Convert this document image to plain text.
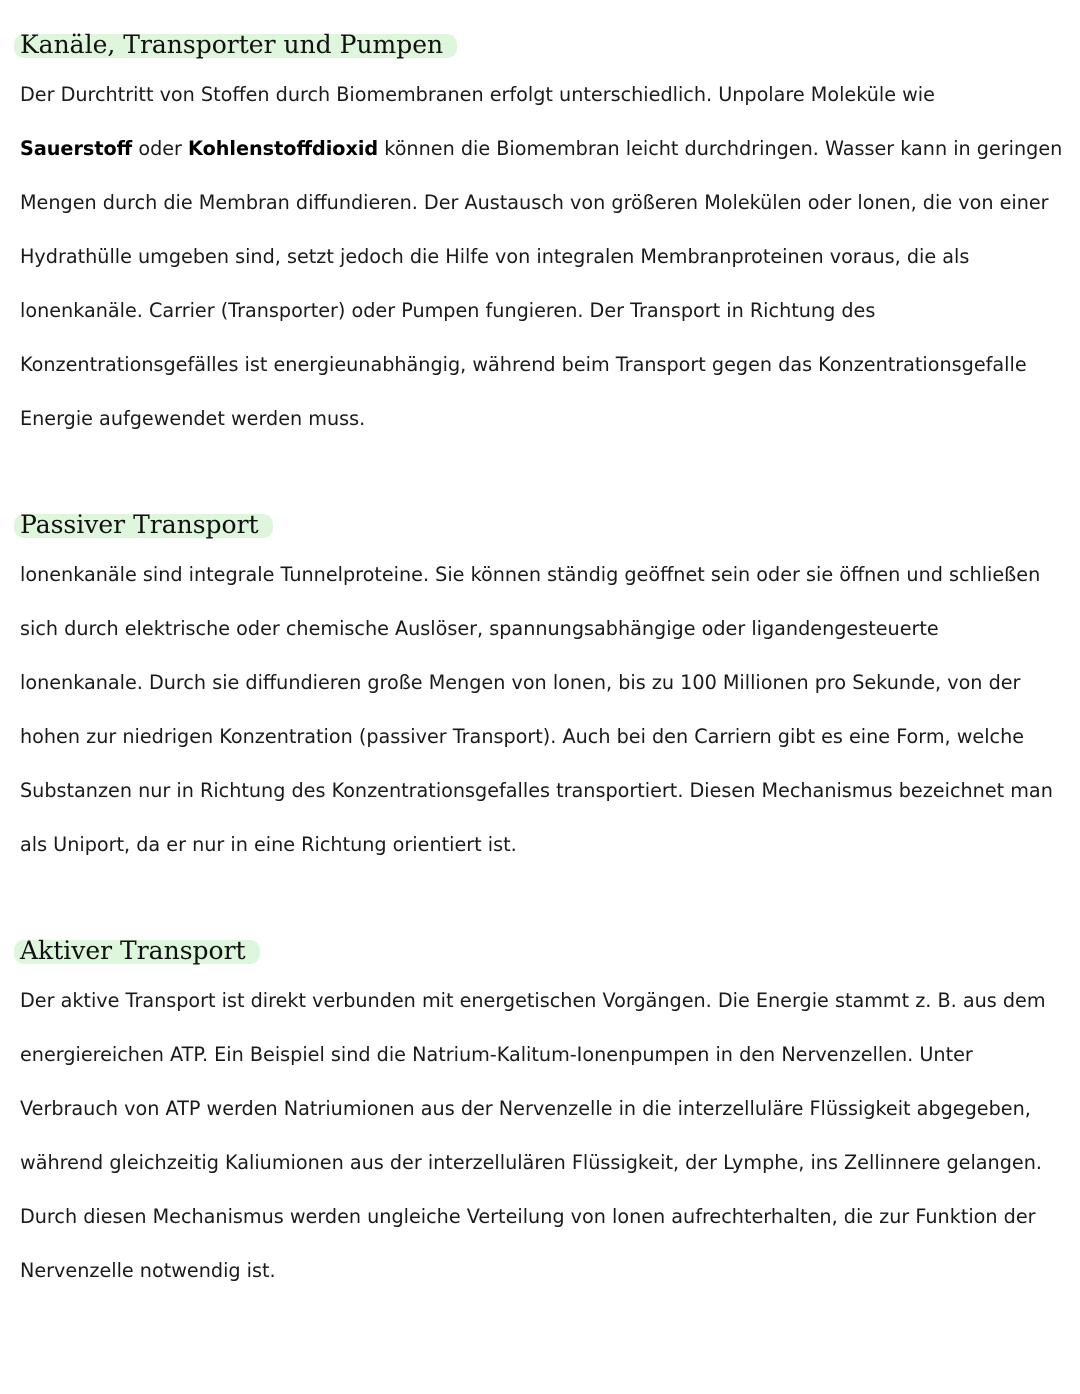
Kanäle, Transporter und Pumpen

Der Durchtritt von Stoffen durch Biomembranen erfolgt unterschiedlich. Unpolare Moleküle wie
Sauerstoff oder Kohlenstoffdioxid können die Biomembran leicht durchdringen. Wasser kann in geringen Mengen durch die Membran diffundieren. Der Austausch von größeren Molekülen oder lonen, die von einer Hydrathülle umgeben sind, setzt jedoch die Hilfe von integralen Membranproteinen voraus, die als lonenkanäle. Carrier (Transporter) oder Pumpen fungieren. Der Transport in Richtung des Konzentrationsgefälles ist energieunabhängig, während beim Transport gegen das Konzentrationsgefalle Energie aufgewendet werden muss.

Passiver Transport

lonenkanäle sind integrale Tunnelproteine. Sie können ständig geöffnet sein oder sie öffnen und schließen sich durch elektrische oder chemische Auslöser, spannungsabhängige oder ligandengesteuerte lonenkanale. Durch sie diffundieren große Mengen von lonen, bis zu 100 Millionen pro Sekunde, von der hohen zur niedrigen Konzentration (passiver Transport). Auch bei den Carriern gibt es eine Form, welche Substanzen nur in Richtung des Konzentrationsgefalles transportiert. Diesen Mechanismus bezeichnet man als Uniport, da er nur in eine Richtung orientiert ist.

Aktiver Transport

Der aktive Transport ist direkt verbunden mit energetischen Vorgängen. Die Energie stammt z. B. aus dem energiereichen ATP. Ein Beispiel sind die Natrium-Kalitum-Ionenpumpen in den Nervenzellen. Unter Verbrauch von ATP werden Natriumionen aus der Nervenzelle in die interzelluläre Flüssigkeit abgegeben, während gleichzeitig Kaliumionen aus der interzellulären Flüssigkeit, der Lymphe, ins Zellinnere gelangen. Durch diesen Mechanismus werden ungleiche Verteilung von lonen aufrechterhalten, die zur Funktion der Nervenzelle notwendig ist.
